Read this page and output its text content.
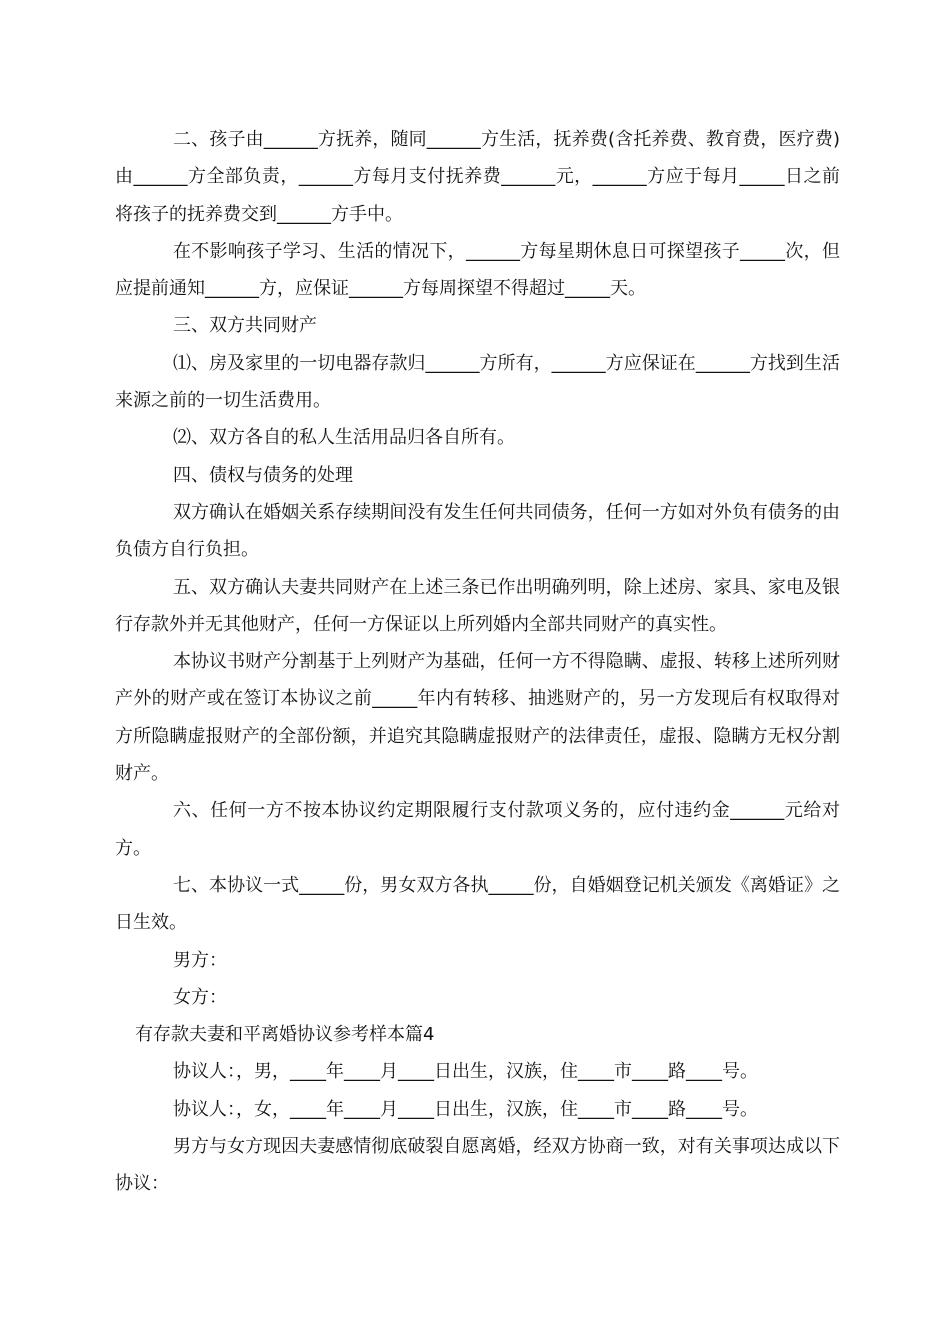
二、孩子由______方抚养，随同______方生活，抚养费(含托养费、教育费，医疗费)由______方全部负责，______方每月支付抚养费______元，______方应于每月_____日之前将孩子的抚养费交到______方手中。

在不影响孩子学习、生活的情况下，______方每星期休息日可探望孩子_____次，但应提前通知______方，应保证______方每周探望不得超过_____天。

三、双方共同财产

⑴、房及家里的一切电器存款归______方所有，______方应保证在______方找到生活来源之前的一切生活费用。

⑵、双方各自的私人生活用品归各自所有。

四、债权与债务的处理

双方确认在婚姻关系存续期间没有发生任何共同债务，任何一方如对外负有债务的由负债方自行负担。

五、双方确认夫妻共同财产在上述三条已作出明确列明，除上述房、家具、家电及银行存款外并无其他财产，任何一方保证以上所列婚内全部共同财产的真实性。

本协议书财产分割基于上列财产为基础，任何一方不得隐瞒、虚报、转移上述所列财产外的财产或在签订本协议之前_____年内有转移、抽逃财产的，另一方发现后有权取得对方所隐瞒虚报财产的全部份额，并追究其隐瞒虚报财产的法律责任，虚报、隐瞒方无权分割财产。

六、任何一方不按本协议约定期限履行支付款项义务的，应付违约金______元给对方。

七、本协议一式_____份，男女双方各执_____份，自婚姻登记机关颁发《离婚证》之日生效。

男方：

女方：

有存款夫妻和平离婚协议参考样本篇4

协议人：，男，____年____月____日出生，汉族，住____市____路____号。

协议人：，女，____年____月____日出生，汉族，住____市____路____号。

男方与女方现因夫妻感情彻底破裂自愿离婚，经双方协商一致，对有关事项达成以下协议：
